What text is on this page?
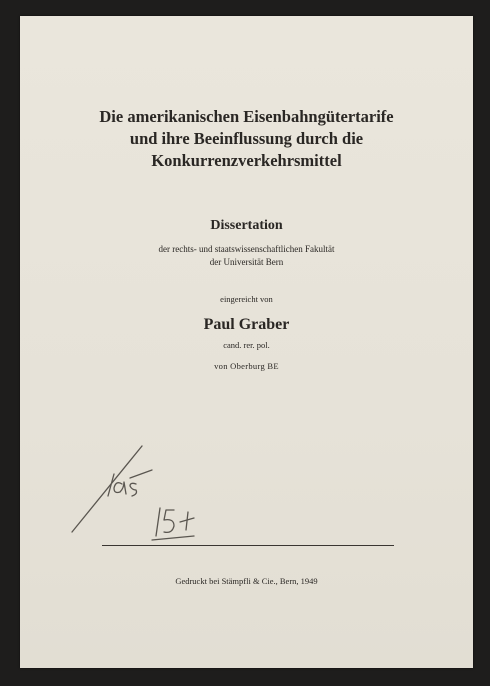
Die amerikanischen Eisenbahngütertarife
und ihre Beeinflussung durch die
Konkurrenzverkehrsmittel
Dissertation
der rechts- und staatswissenschaftlichen Fakultät
der Universität Bern
eingereicht von
Paul Graber
cand. rer. pol.
von Oberburg BE
Gedruckt bei Stämpfli & Cie., Bern, 1949
